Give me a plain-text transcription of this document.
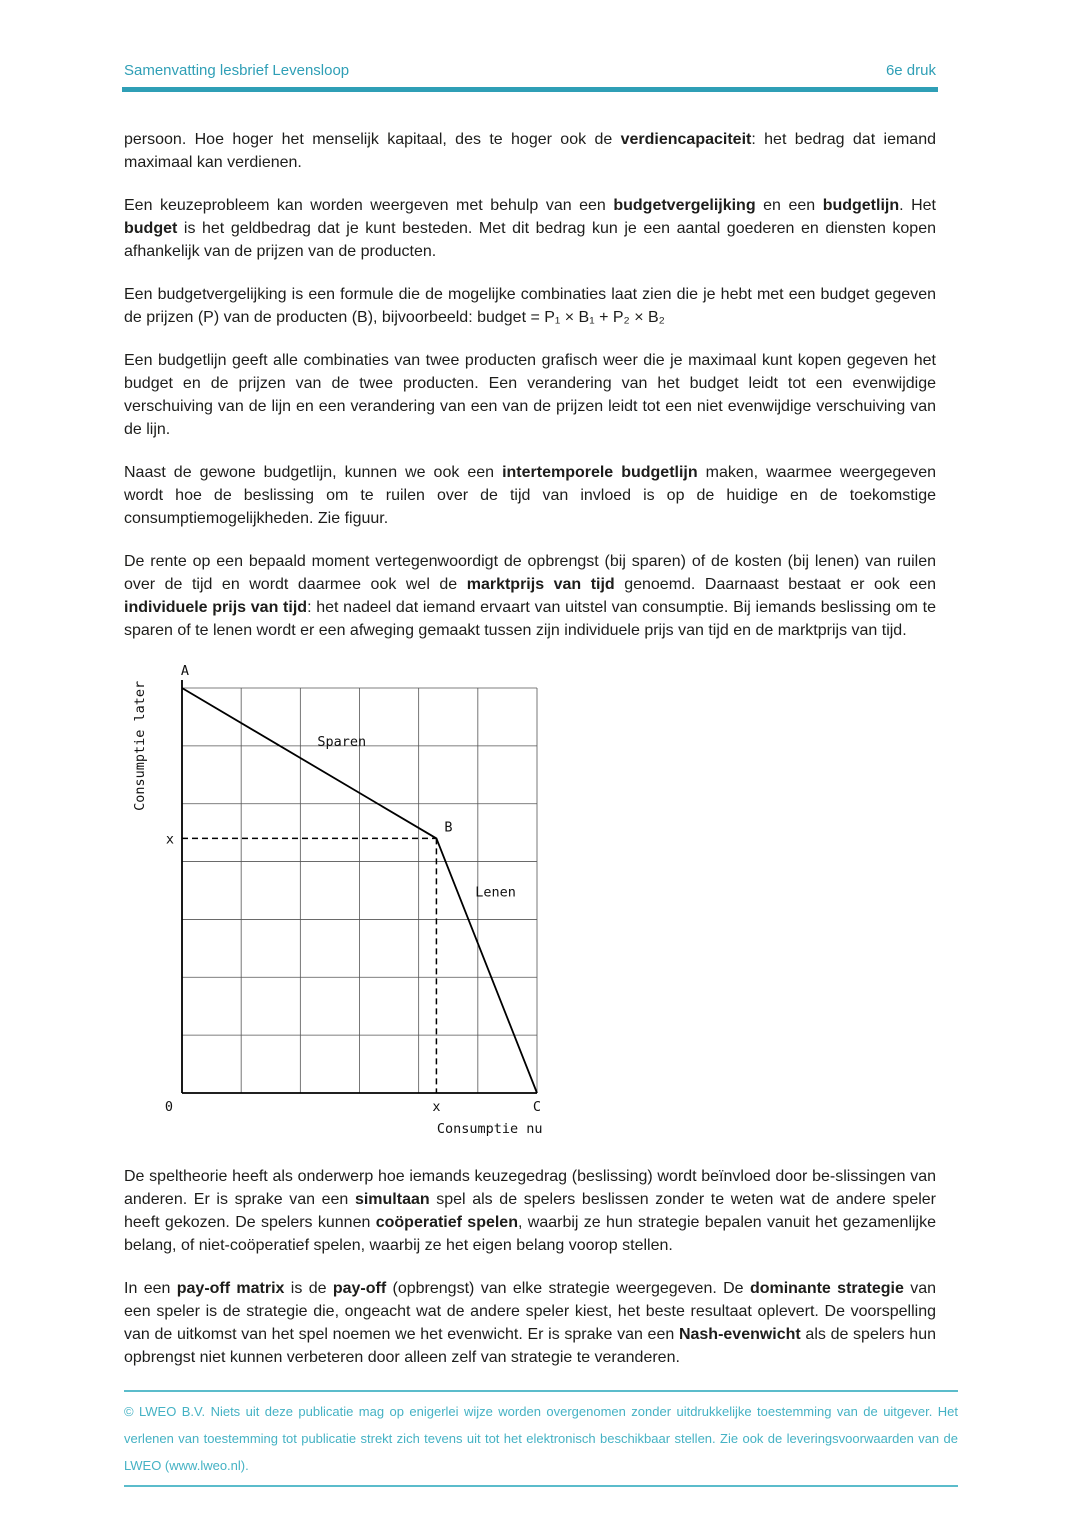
Samenvatting lesbrief Levensloop	6e druk

persoon. Hoe hoger het menselijk kapitaal, des te hoger ook de verdiencapaciteit: het bedrag dat iemand maximaal kan verdienen.

Een keuzeprobleem kan worden weergeven met behulp van een budgetvergelijking en een budgetlijn. Het budget is het geldbedrag dat je kunt besteden. Met dit bedrag kun je een aantal goederen en diensten kopen afhankelijk van de prijzen van de producten.

Een budgetvergelijking is een formule die de mogelijke combinaties laat zien die je hebt met een budget gegeven de prijzen (P) van de producten (B), bijvoorbeeld: budget = P₁ × B₁ + P₂ × B₂

Een budgetlijn geeft alle combinaties van twee producten grafisch weer die je maximaal kunt kopen gegeven het budget en de prijzen van de twee producten. Een verandering van het budget leidt tot een evenwijdige verschuiving van de lijn en een verandering van een van de prijzen leidt tot een niet evenwijdige verschuiving van de lijn.

Naast de gewone budgetlijn, kunnen we ook een intertemporele budgetlijn maken, waarmee weergegeven wordt hoe de beslissing om te ruilen over de tijd van invloed is op de huidige en de toekomstige consumptiemogelijkheden. Zie figuur.

De rente op een bepaald moment vertegenwoordigt de opbrengst (bij sparen) of de kosten (bij lenen) van ruilen over de tijd en wordt daarmee ook wel de marktprijs van tijd genoemd. Daarnaast bestaat er ook een individuele prijs van tijd: het nadeel dat iemand ervaart van uitstel van consumptie. Bij iemands beslissing om te sparen of te lenen wordt er een afweging gemaakt tussen zijn individuele prijs van tijd en de marktprijs van tijd.

A
B
C
Sparen
Lenen
0	x
x
Consumptie nu
Consumptie later

De speltheorie heeft als onderwerp hoe iemands keuzegedrag (beslissing) wordt beïnvloed door be-slissingen van anderen. Er is sprake van een simultaan spel als de spelers beslissen zonder te weten wat de andere speler heeft gekozen. De spelers kunnen coöperatief spelen, waarbij ze hun strategie bepalen vanuit het gezamenlijke belang, of niet-coöperatief spelen, waarbij ze het eigen belang voorop stellen.

In een pay-off matrix is de pay-off (opbrengst) van elke strategie weergegeven. De dominante strategie van een speler is de strategie die, ongeacht wat de andere speler kiest, het beste resultaat oplevert. De voorspelling van de uitkomst van het spel noemen we het evenwicht. Er is sprake van een Nash-evenwicht als de spelers hun opbrengst niet kunnen verbeteren door alleen zelf van strategie te veranderen.

© LWEO B.V. Niets uit deze publicatie mag op enigerlei wijze worden overgenomen zonder uitdrukkelijke toestemming van de uitgever. Het verlenen van toestemming tot publicatie strekt zich tevens uit tot het elektronisch beschikbaar stellen. Zie ook de leveringsvoorwaarden van de LWEO (www.lweo.nl).
